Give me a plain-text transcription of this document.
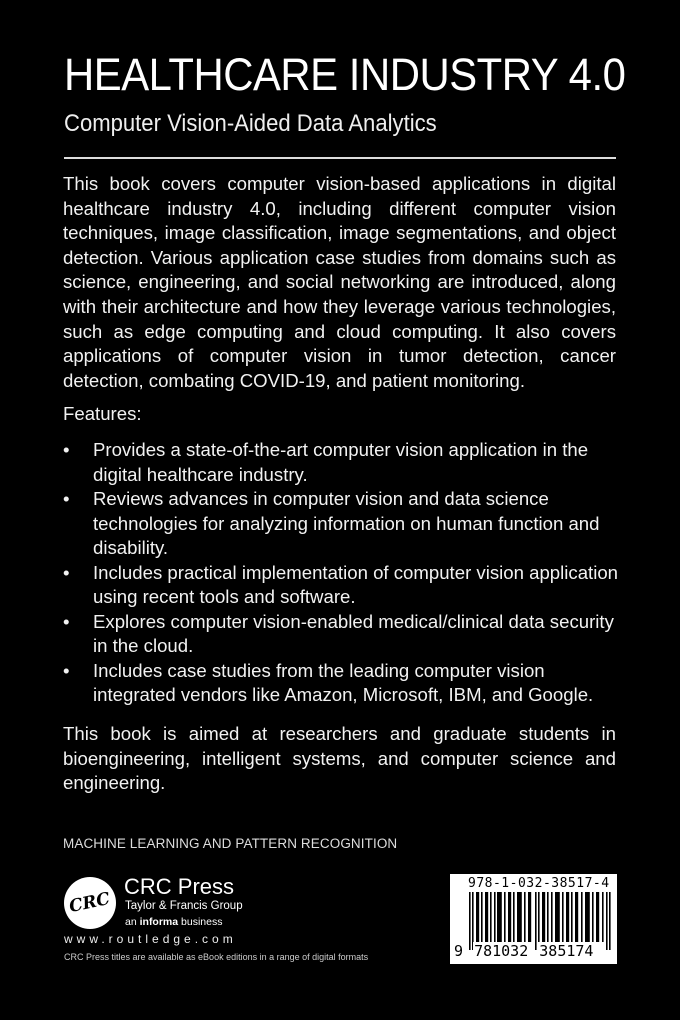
HEALTHCARE INDUSTRY 4.0
Computer Vision-Aided Data Analytics

This book covers computer vision-based applications in digital healthcare industry 4.0, including different computer vision techniques, image classification, image segmentations, and object detection. Various application case studies from domains such as science, engineering, and social networking are introduced, along with their architecture and how they leverage various technologies, such as edge computing and cloud computing. It also covers applications of computer vision in tumor detection, cancer detection, combating COVID-19, and patient monitoring.

Features:

• Provides a state-of-the-art computer vision application in the digital healthcare industry.
• Reviews advances in computer vision and data science technologies for analyzing information on human function and disability.
• Includes practical implementation of computer vision application using recent tools and software.
• Explores computer vision-enabled medical/clinical data security in the cloud.
• Includes case studies from the leading computer vision integrated vendors like Amazon, Microsoft, IBM, and Google.

This book is aimed at researchers and graduate students in bioengineering, intelligent systems, and computer science and engineering.

MACHINE LEARNING AND PATTERN RECOGNITION
CRC
CRC Press
Taylor & Francis Group
an informa business
www.routledge.com
CRC Press titles are available as eBook editions in a range of digital formats
978-1-032-38517-4
9 781032 385174
